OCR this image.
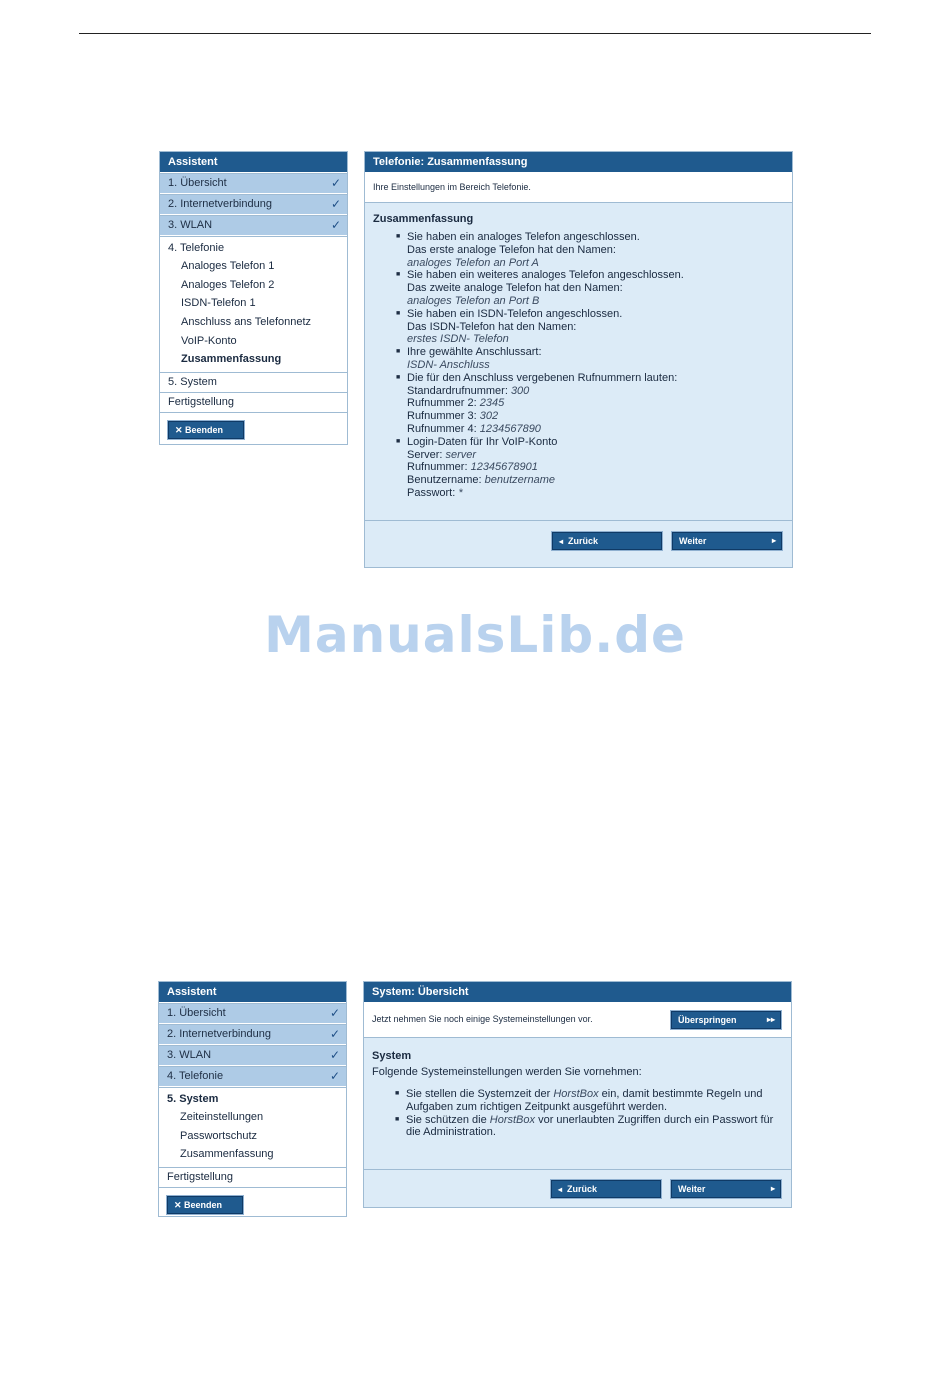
Assistent
1. Übersicht	✓
2. Internetverbindung	✓
3. WLAN	✓
4. Telefonie
Analoges Telefon 1
Analoges Telefon 2
ISDN-Telefon 1
Anschluss ans Telefonnetz
VoIP-Konto
Zusammenfassung
5. System
Fertigstellung
✕ Beenden
Telefonie: Zusammenfassung
Ihre Einstellungen im Bereich Telefonie.
Zusammenfassung
■ Sie haben ein analoges Telefon angeschlossen.
Das erste analoge Telefon hat den Namen:
analoges Telefon an Port A
■ Sie haben ein weiteres analoges Telefon angeschlossen.
Das zweite analoge Telefon hat den Namen:
analoges Telefon an Port B
■ Sie haben ein ISDN-Telefon angeschlossen.
Das ISDN-Telefon hat den Namen:
erstes ISDN- Telefon
■ Ihre gewählte Anschlussart:
ISDN- Anschluss
■ Die für den Anschluss vergebenen Rufnummern lauten:
Standardrufnummer: 300
Rufnummer 2: 2345
Rufnummer 3: 302
Rufnummer 4: 1234567890
■ Login-Daten für Ihr VoIP-Konto
Server: server
Rufnummer: 12345678901
Benutzername: benutzername
Passwort: *
◂ Zurück	Weiter	▸
ManualsLib.de
Assistent
1. Übersicht	✓
2. Internetverbindung	✓
3. WLAN	✓
4. Telefonie	✓
5. System
Zeiteinstellungen
Passwortschutz
Zusammenfassung
Fertigstellung
✕ Beenden
System: Übersicht
Jetzt nehmen Sie noch einige Systemeinstellungen vor.	Überspringen	▸▸
System
Folgende Systemeinstellungen werden Sie vornehmen:
■ Sie stellen die Systemzeit der HorstBox ein, damit bestimmte Regeln und Aufgaben zum richtigen Zeitpunkt ausgeführt werden.
■ Sie schützen die HorstBox vor unerlaubten Zugriffen durch ein Passwort für die Administration.
◂ Zurück	Weiter	▸
